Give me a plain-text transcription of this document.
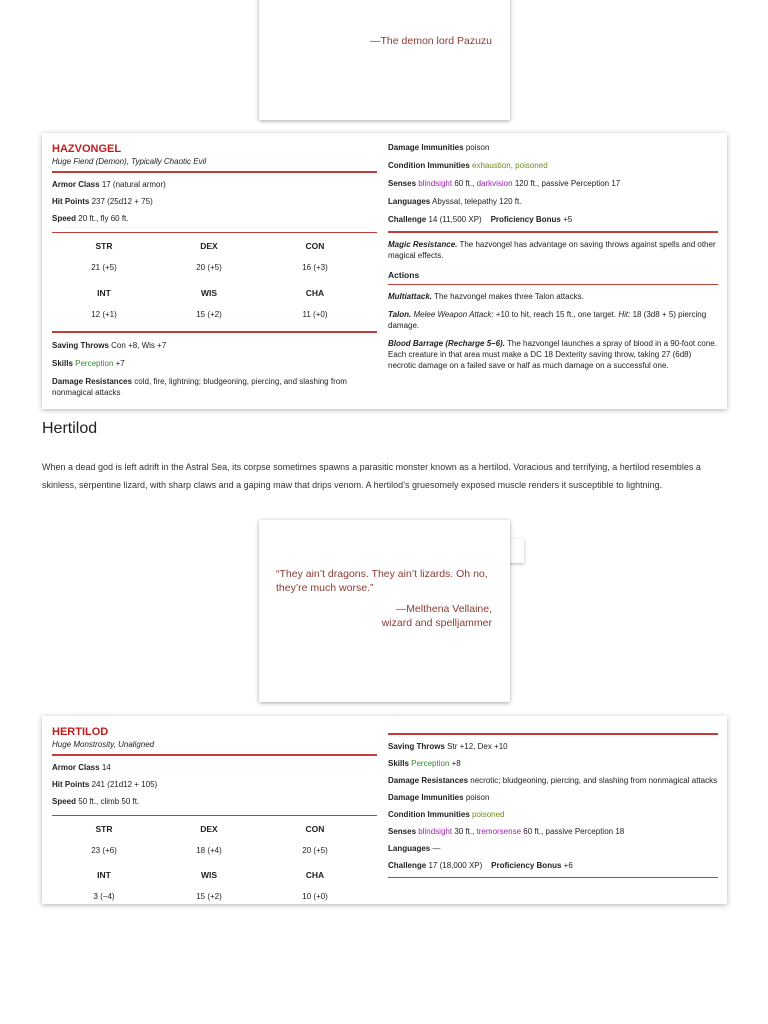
—The demon lord Pazuzu
HAZVONGEL
Huge Fiend (Demon), Typically Chaotic Evil
Armor Class 17 (natural armor)
Hit Points 237 (25d12 + 75)
Speed 20 ft., fly 60 ft.
STR
21 (+5)
DEX
20 (+5)
CON
16 (+3)
INT
12 (+1)
WIS
15 (+2)
CHA
11 (+0)
Saving Throws Con +8, Wis +7
Skills Perception +7
Damage Resistances cold, fire, lightning; bludgeoning, piercing, and slashing from nonmagical attacks
Damage Immunities poison
Condition Immunities exhaustion, poisoned
Senses blindsight 60 ft., darkvision 120 ft., passive Perception 17
Languages Abyssal, telepathy 120 ft.
Challenge 14 (11,500 XP) Proficiency Bonus +5
Magic Resistance. The hazvongel has advantage on saving throws against spells and other magical effects.
Actions
Multiattack. The hazvongel makes three Talon attacks.
Talon. Melee Weapon Attack: +10 to hit, reach 15 ft., one target. Hit: 18 (3d8 + 5) piercing damage.
Blood Barrage (Recharge 5–6). The hazvongel launches a spray of blood in a 90-foot cone. Each creature in that area must make a DC 18 Dexterity saving throw, taking 27 (6d8) necrotic damage on a failed save or half as much damage on a successful one.
Hertilod
When a dead god is left adrift in the Astral Sea, its corpse sometimes spawns a parasitic monster known as a hertilod. Voracious and terrifying, a hertilod resembles a skinless, serpentine lizard, with sharp claws and a gaping maw that drips venom. A hertilod’s gruesomely exposed muscle renders it susceptible to lightning.
“They ain’t dragons. They ain’t lizards. Oh no,
they’re much worse.”
—Melthena Vellaine,
wizard and spelljammer
HERTILOD
Huge Monstrosity, Unaligned
Armor Class 14
Hit Points 241 (21d12 + 105)
Speed 50 ft., climb 50 ft.
STR
23 (+6)
DEX
18 (+4)
CON
20 (+5)
INT
3 (−4)
WIS
15 (+2)
CHA
10 (+0)
Saving Throws Str +12, Dex +10
Skills Perception +8
Damage Resistances necrotic; bludgeoning, piercing, and slashing from nonmagical attacks
Damage Immunities poison
Condition Immunities poisoned
Senses blindsight 30 ft., tremorsense 60 ft., passive Perception 18
Languages —
Challenge 17 (18,000 XP) Proficiency Bonus +6
